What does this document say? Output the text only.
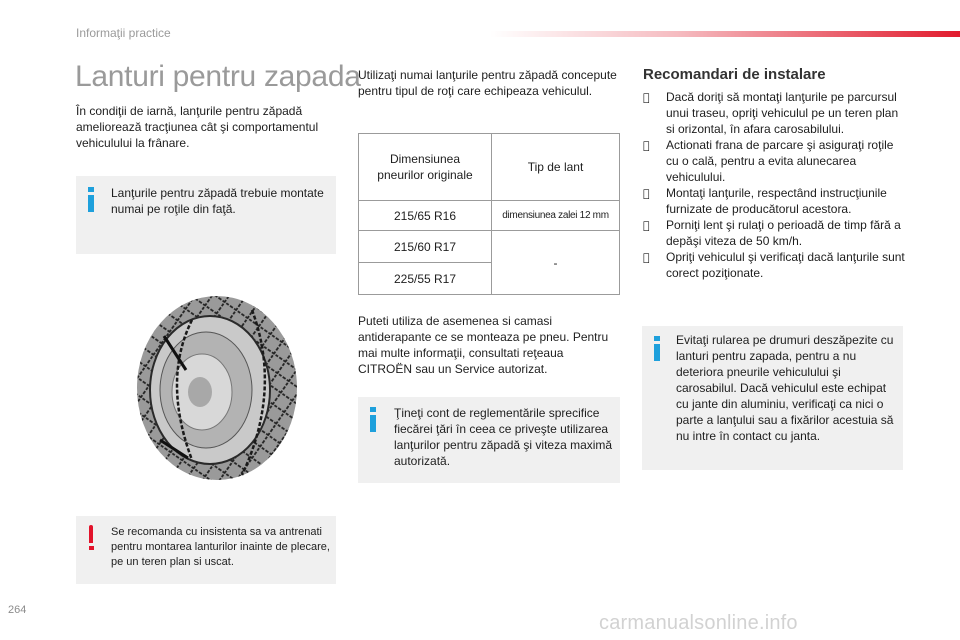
Informaţii practice
Lanturi pentru zapada
În condiţii de iarnă, lanţurile pentru zăpadă ameliorează tracţiunea cât şi comportamentul vehiculului la frânare.
Lanţurile pentru zăpadă trebuie montate numai pe roţile din faţă.
Se recomanda cu insistenta sa va antrenati pentru montarea lanturilor inainte de plecare, pe un teren plan si uscat.
Utilizaţi numai lanţurile pentru zăpadă concepute pentru tipul de roţi care echipeaza vehiculul.
Dimensiunea pneurilor originale	Tip de lant
215/65 R16	dimensiunea zalei 12 mm
215/60 R17	-
225/55 R17	
Puteti utiliza de asemenea si camasi antiderapante ce se monteaza pe pneu. Pentru mai multe informaţii, consultati reţeaua CITROËN sau un Service autorizat.
Ţineţi cont de reglementările sprecifice fiecărei ţări în ceea ce priveşte utilizarea lanţurilor pentru zăpadă şi viteza maximă autorizată.
Recomandari de instalare
Dacă doriţi să montaţi lanţurile pe parcursul unui traseu, opriţi vehiculul pe un teren plan si orizontal, în afara carosabilului.
Actionati frana de parcare şi asiguraţi roţile cu o cală, pentru a evita alunecarea vehiculului.
Montaţi lanţurile, respectând instrucţiunile furnizate de producătorul acestora.
Porniţi lent şi rulaţi o perioadă de timp fără a depăşi viteza de 50 km/h.
Opriţi vehiculul şi verificaţi dacă lanţurile sunt corect poziţionate.
Evitaţi rularea pe drumuri deszăpezite cu lanturi pentru zapada, pentru a nu deteriora pneurile vehiculului şi carosabilul. Dacă vehiculul este echipat cu jante din aluminiu, verificaţi ca nici o parte a lanţului sau a fixărilor acestuia să nu intre în contact cu janta.
264
carmanualsonline.info
